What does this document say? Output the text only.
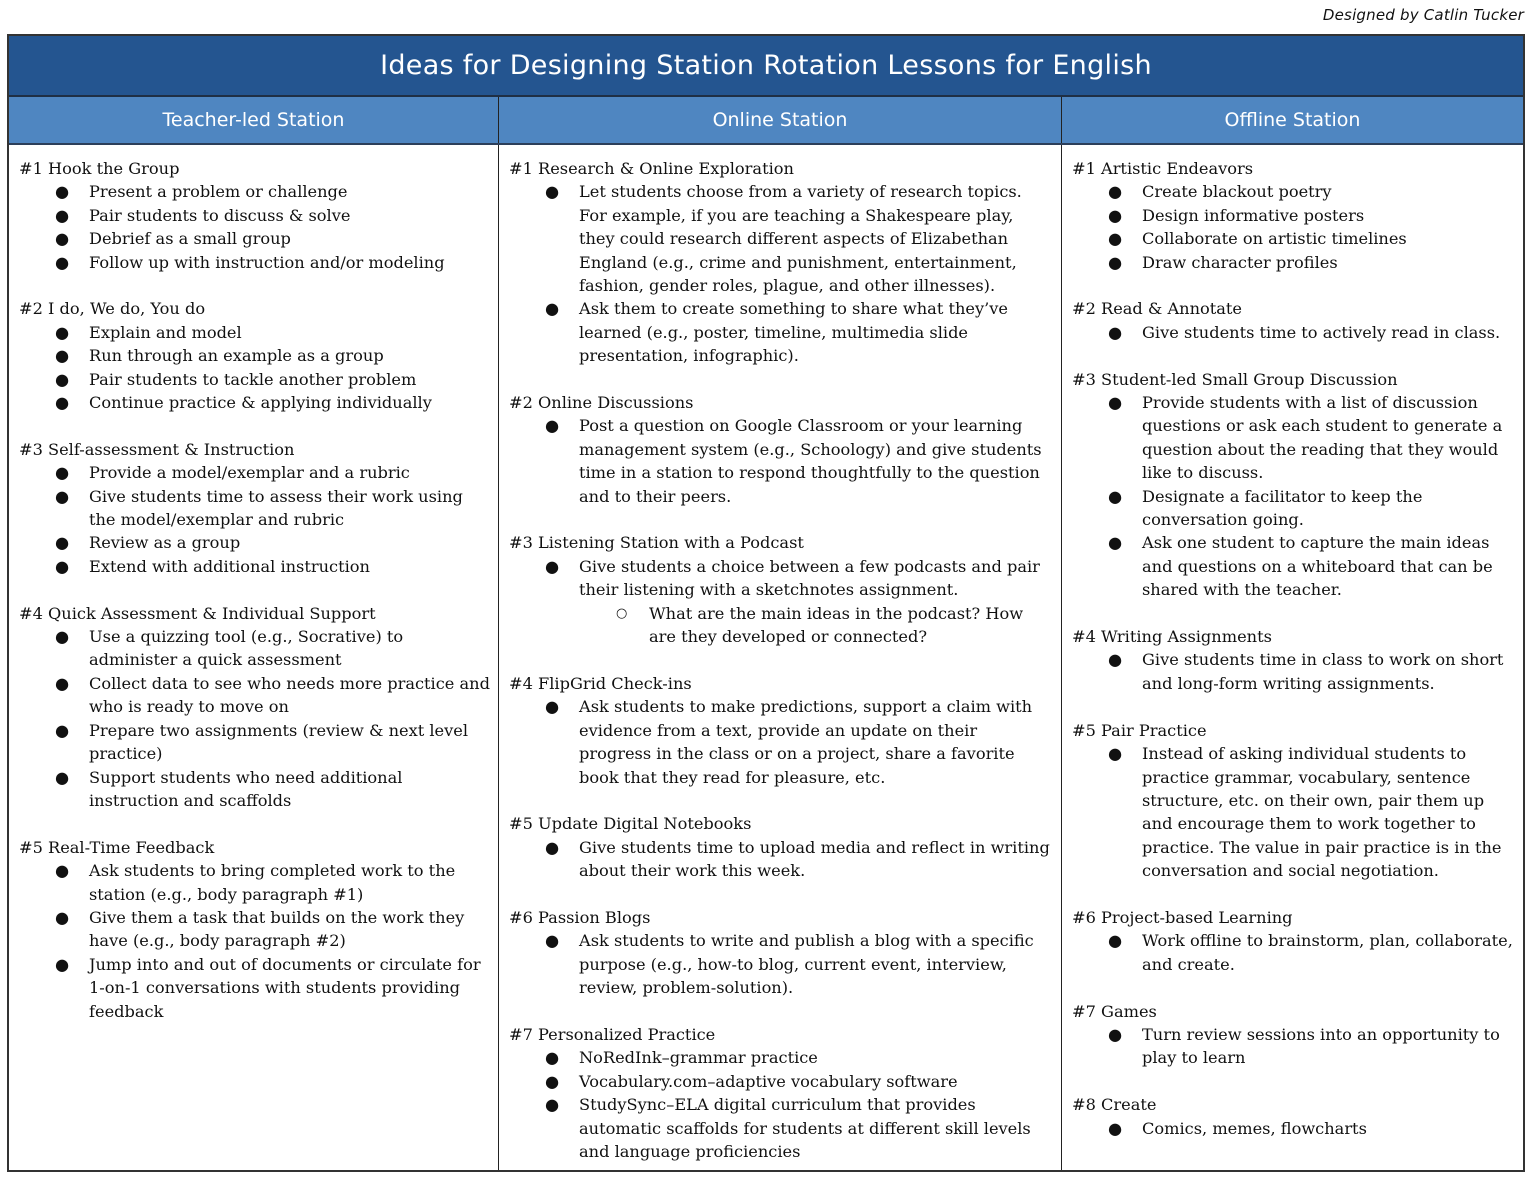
Designed by Catlin Tucker
Ideas for Designing Station Rotation Lessons for English
Teacher-led Station	Online Station	Offline Station
#1 Hook the Group
● Present a problem or challenge
● Pair students to discuss & solve
● Debrief as a small group
● Follow up with instruction and/or modeling
#2 I do, We do, You do
● Explain and model
● Run through an example as a group
● Pair students to tackle another problem
● Continue practice & applying individually
#3 Self-assessment & Instruction
● Provide a model/exemplar and a rubric
● Give students time to assess their work using the model/exemplar and rubric
● Review as a group
● Extend with additional instruction
#4 Quick Assessment & Individual Support
● Use a quizzing tool (e.g., Socrative) to administer a quick assessment
● Collect data to see who needs more practice and who is ready to move on
● Prepare two assignments (review & next level practice)
● Support students who need additional instruction and scaffolds
#5 Real-Time Feedback
● Ask students to bring completed work to the station (e.g., body paragraph #1)
● Give them a task that builds on the work they have (e.g., body paragraph #2)
● Jump into and out of documents or circulate for 1-on-1 conversations with students providing feedback
#1 Research & Online Exploration
● Let students choose from a variety of research topics. For example, if you are teaching a Shakespeare play, they could research different aspects of Elizabethan England (e.g., crime and punishment, entertainment, fashion, gender roles, plague, and other illnesses).
● Ask them to create something to share what they’ve learned (e.g., poster, timeline, multimedia slide presentation, infographic).
#2 Online Discussions
● Post a question on Google Classroom or your learning management system (e.g., Schoology) and give students time in a station to respond thoughtfully to the question and to their peers.
#3 Listening Station with a Podcast
● Give students a choice between a few podcasts and pair their listening with a sketchnotes assignment.
○ What are the main ideas in the podcast? How are they developed or connected?
#4 FlipGrid Check-ins
● Ask students to make predictions, support a claim with evidence from a text, provide an update on their progress in the class or on a project, share a favorite book that they read for pleasure, etc.
#5 Update Digital Notebooks
● Give students time to upload media and reflect in writing about their work this week.
#6 Passion Blogs
● Ask students to write and publish a blog with a specific purpose (e.g., how-to blog, current event, interview, review, problem-solution).
#7 Personalized Practice
● NoRedInk–grammar practice
● Vocabulary.com–adaptive vocabulary software
● StudySync–ELA digital curriculum that provides automatic scaffolds for students at different skill levels and language proficiencies
#1 Artistic Endeavors
● Create blackout poetry
● Design informative posters
● Collaborate on artistic timelines
● Draw character profiles
#2 Read & Annotate
● Give students time to actively read in class.
#3 Student-led Small Group Discussion
● Provide students with a list of discussion questions or ask each student to generate a question about the reading that they would like to discuss.
● Designate a facilitator to keep the conversation going.
● Ask one student to capture the main ideas and questions on a whiteboard that can be shared with the teacher.
#4 Writing Assignments
● Give students time in class to work on short and long-form writing assignments.
#5 Pair Practice
● Instead of asking individual students to practice grammar, vocabulary, sentence structure, etc. on their own, pair them up and encourage them to work together to practice. The value in pair practice is in the conversation and social negotiation.
#6 Project-based Learning
● Work offline to brainstorm, plan, collaborate, and create.
#7 Games
● Turn review sessions into an opportunity to play to learn
#8 Create
● Comics, memes, flowcharts
